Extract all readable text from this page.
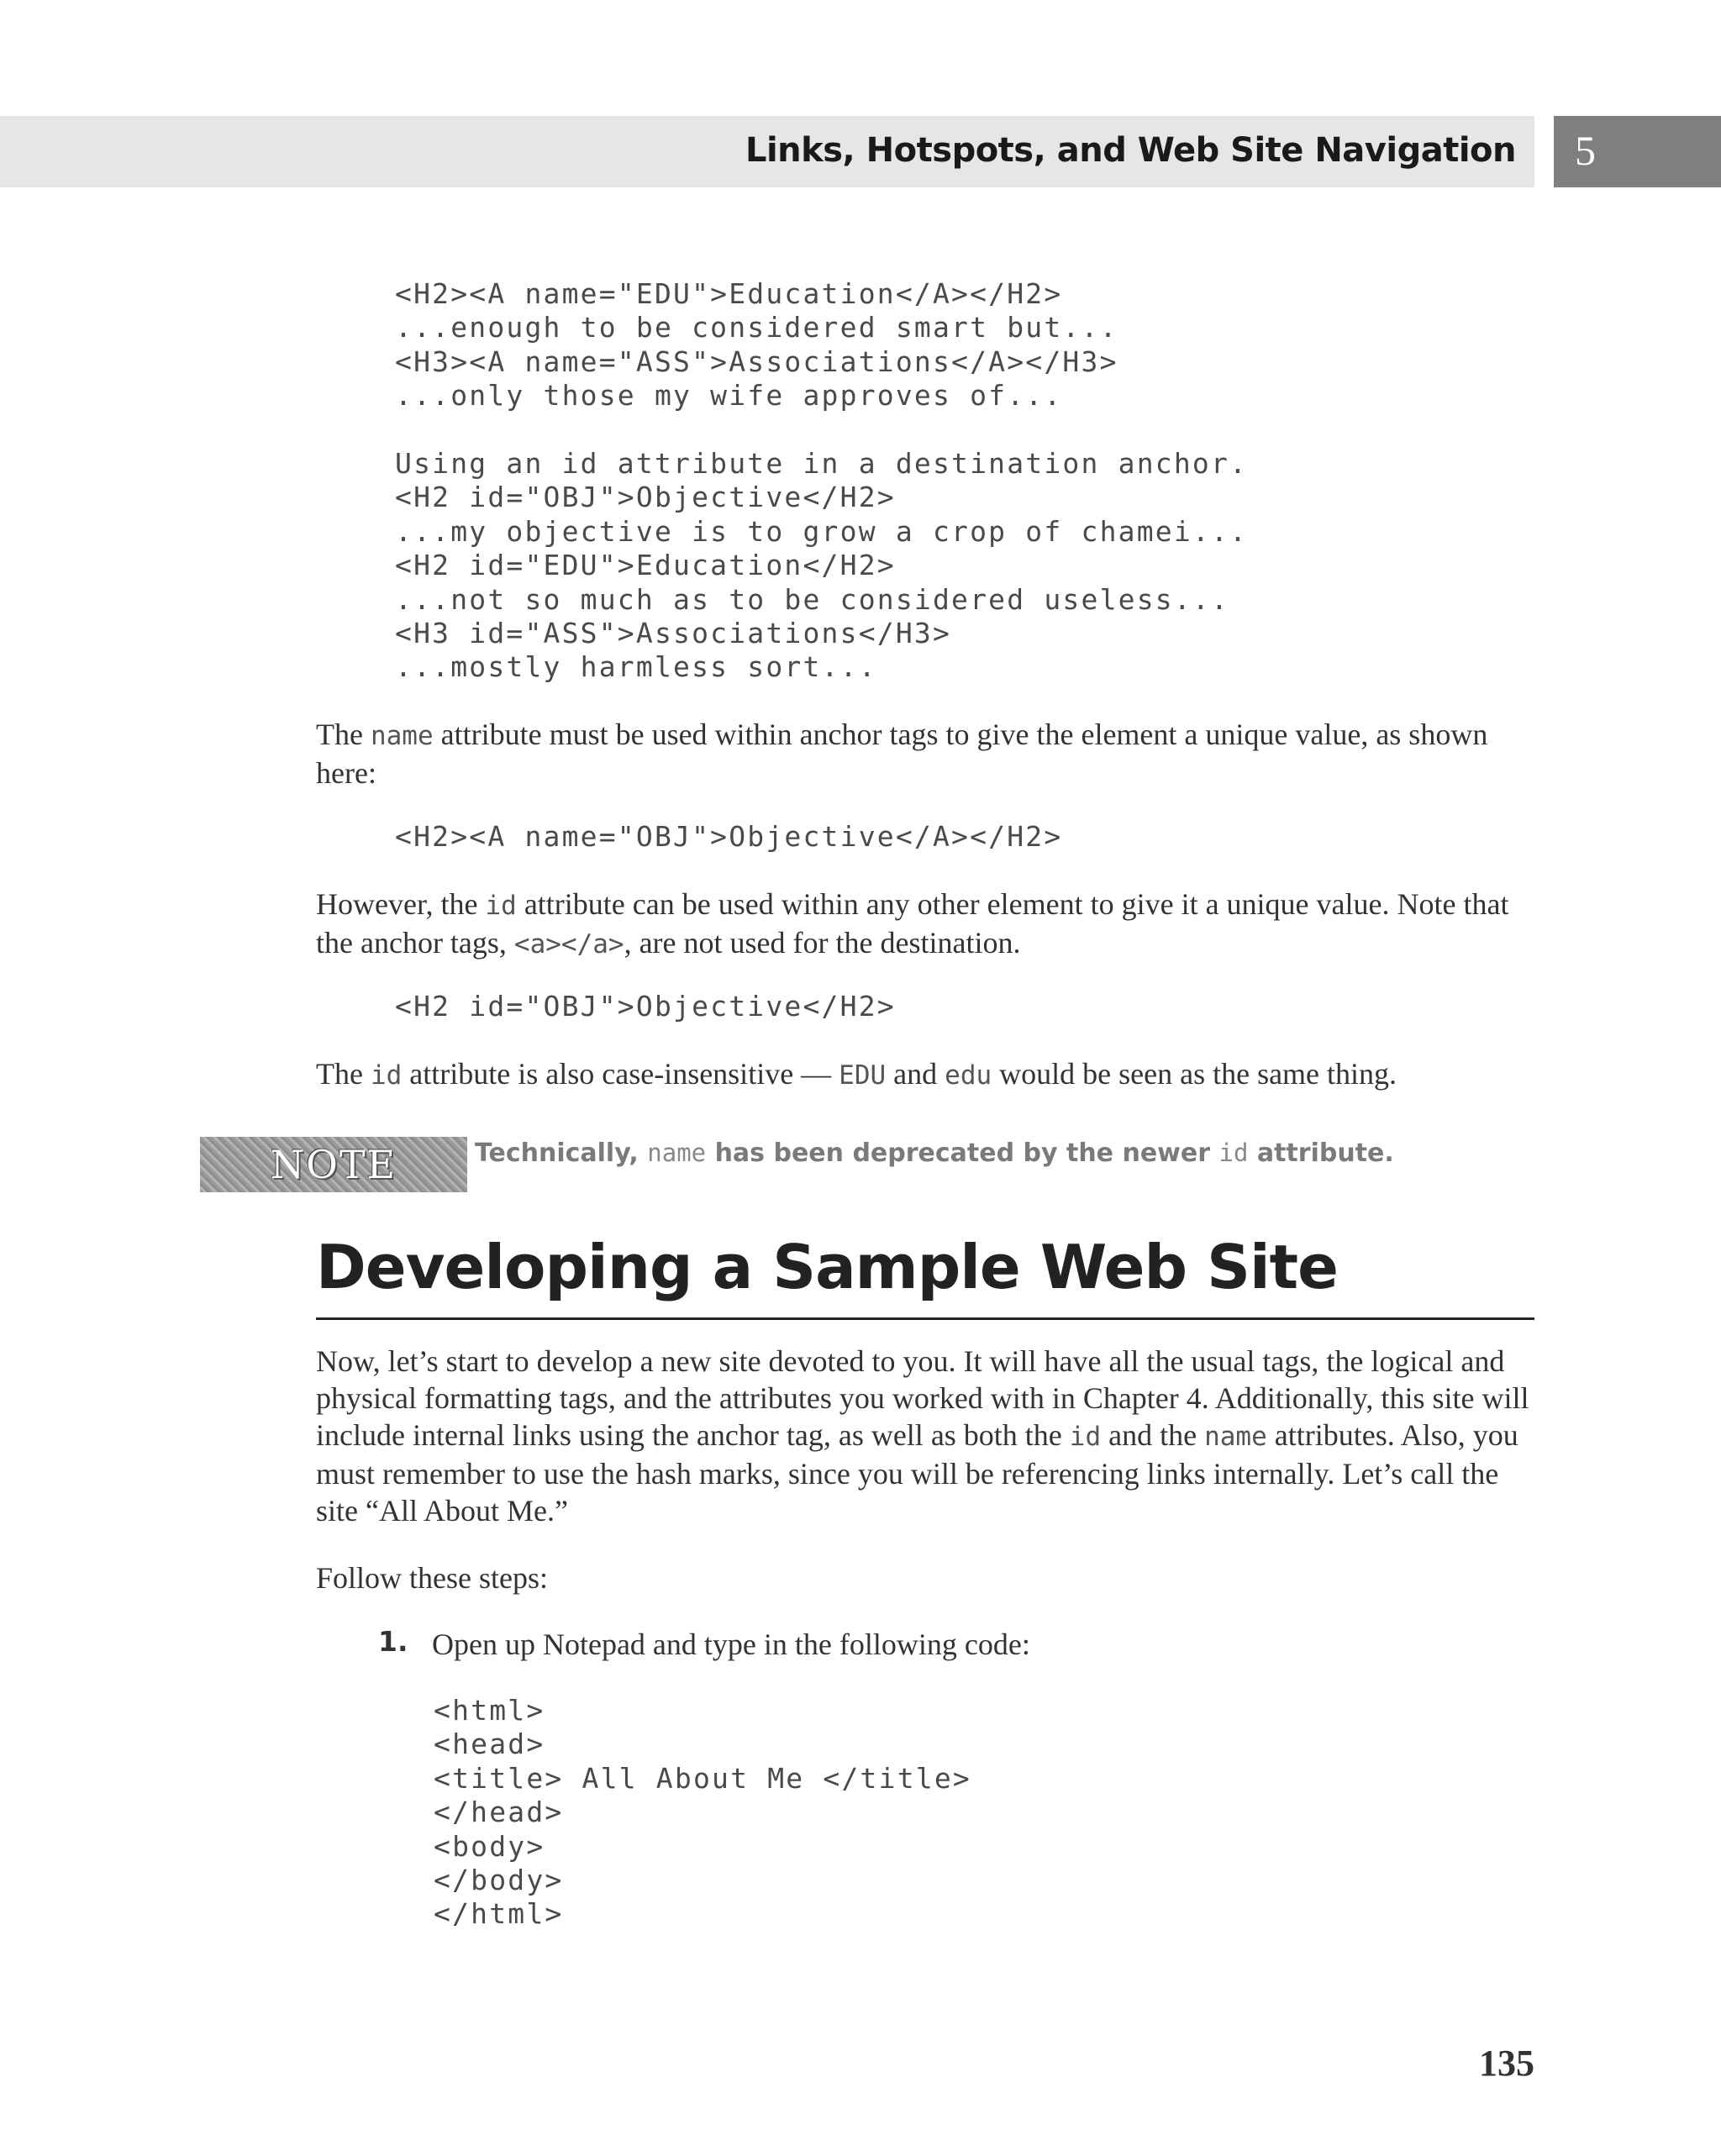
Links, Hotspots, and Web Site Navigation 5
<H2><A name="EDU">Education</A></H2>
...enough to be considered smart but...
<H3><A name="ASS">Associations</A></H3>
...only those my wife approves of...
Using an id attribute in a destination anchor.
<H2 id="OBJ">Objective</H2>
...my objective is to grow a crop of chamei...
<H2 id="EDU">Education</H2>
...not so much as to be considered useless...
<H3 id="ASS">Associations</H3>
...mostly harmless sort...

The name attribute must be used within anchor tags to give the element a unique value, as shown here:

<H2><A name="OBJ">Objective</A></H2>

However, the id attribute can be used within any other element to give it a unique value. Note that the anchor tags, <a></a>, are not used for the destination.

<H2 id="OBJ">Objective</H2>

The id attribute is also case-insensitive — EDU and edu would be seen as the same thing.

NOTE	Technically, name has been deprecated by the newer id attribute.
Developing a Sample Web Site

Now, let’s start to develop a new site devoted to you. It will have all the usual tags, the logical and physical formatting tags, and the attributes you worked with in Chapter 4. Additionally, this site will include internal links using the anchor tag, as well as both the id and the name attributes. Also, you must remember to use the hash marks, since you will be referencing links internally. Let’s call the site “All About Me.”

Follow these steps:

1. Open up Notepad and type in the following code:
<html>
<head>
<title> All About Me </title>
</head>
<body>
</body>
</html>
135
